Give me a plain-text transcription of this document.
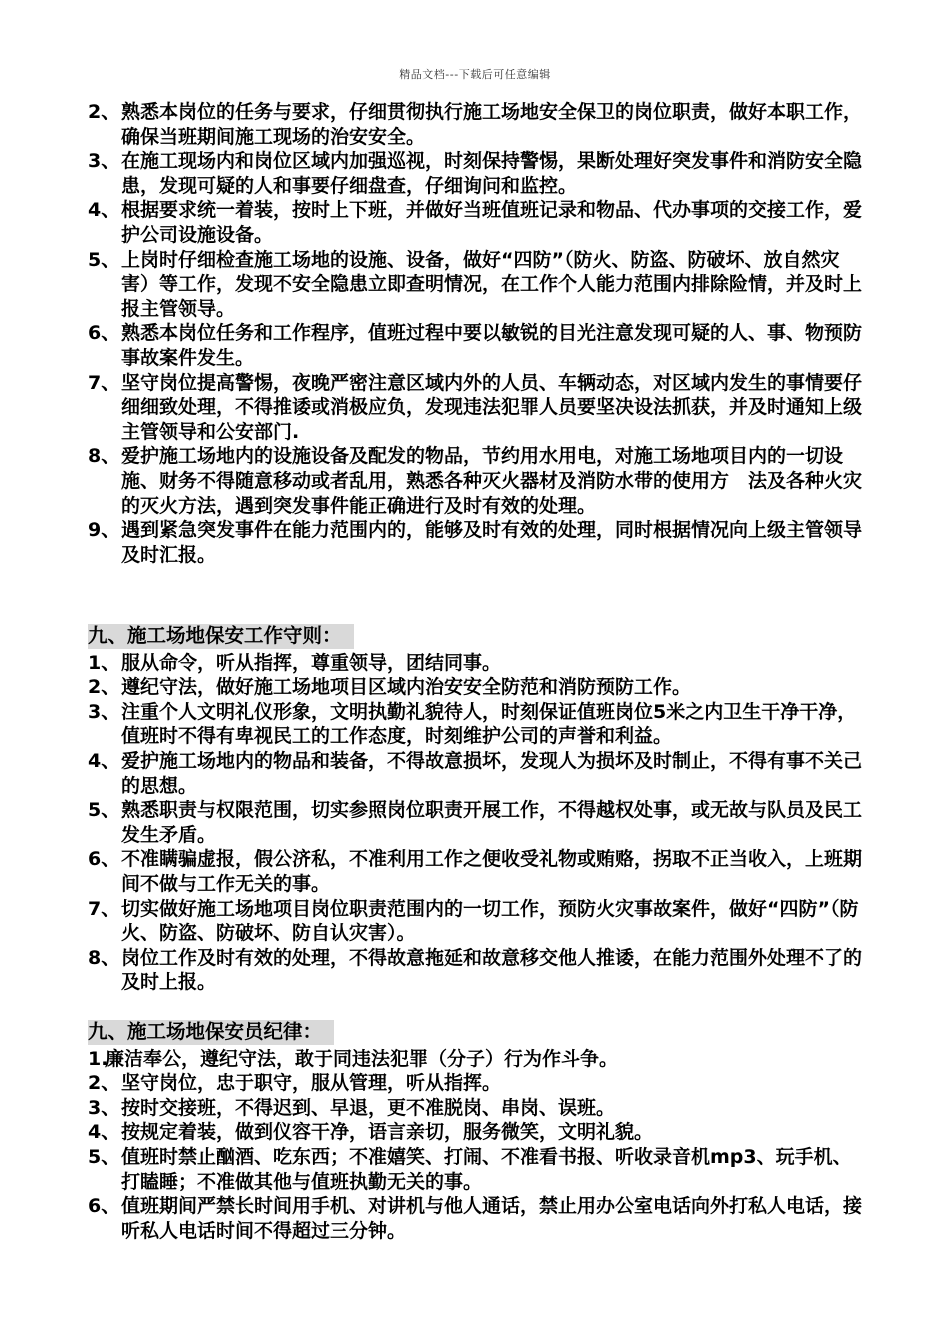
精品文档---下载后可任意编辑
2、 熟悉本岗位的任务与要求，仔细贯彻执行施工场地安全保卫的岗位职责，做好本职工作，确保当班期间施工现场的治安安全。
3、 在施工现场内和岗位区域内加强巡视，时刻保持警惕，果断处理好突发事件和消防安全隐患，发现可疑的人和事要仔细盘查，仔细询问和监控。
4、 根据要求统一着装，按时上下班，并做好当班值班记录和物品、代办事项的交接工作，爱护公司设施设备。
5、 上岗时仔细检查施工场地的设施、设备，做好“四防”（防火、防盗、防破坏、放自然灾害）等工作，发现不安全隐患立即查明情况，在工作个人能力范围内排除险情，并及时上报主管领导。
6、 熟悉本岗位任务和工作程序，值班过程中要以敏锐的目光注意发现可疑的人、事、物预防事故案件发生。
7、 坚守岗位提高警惕，夜晚严密注意区域内外的人员、车辆动态，对区域内发生的事情要仔细细致处理，不得推诿或消极应负，发现违法犯罪人员要坚决设法抓获，并及时通知上级主管领导和公安部门.
8、 爱护施工场地内的设施设备及配发的物品，节约用水用电，对施工场地项目内的一切设施、财务不得随意移动或者乱用，熟悉各种灭火器材及消防水带的使用方　法及各种火灾的灭火方法，遇到突发事件能正确进行及时有效的处理。
9、 遇到紧急突发事件在能力范围内的，能够及时有效的处理，同时根据情况向上级主管领导及时汇报。
九、施工场地保安工作守则：
1、 服从命令，听从指挥，尊重领导，团结同事。
2、 遵纪守法，做好施工场地项目区域内治安安全防范和消防预防工作。
3、 注重个人文明礼仪形象，文明执勤礼貌待人，时刻保证值班岗位5米之内卫生干净干净，值班时不得有卑视民工的工作态度，时刻维护公司的声誉和利益。
4、 爱护施工场地内的物品和装备，不得故意损坏，发现人为损坏及时制止，不得有事不关己的思想。
5、 熟悉职责与权限范围，切实参照岗位职责开展工作，不得越权处事，或无故与队员及民工发生矛盾。
6、 不准瞒骗虚报，假公济私，不准利用工作之便收受礼物或贿赂，拐取不正当收入，上班期间不做与工作无关的事。
7、 切实做好施工场地项目岗位职责范围内的一切工作，预防火灾事故案件，做好“四防”（防火、防盗、防破坏、防自认灾害）。
8、 岗位工作及时有效的处理，不得故意拖延和故意移交他人推诿，在能力范围外处理不了的及时上报。
九、施工场地保安员纪律：
1.
廉洁奉公，遵纪守法，敢于同违法犯罪（分子）行为作斗争。
2、 坚守岗位，忠于职守，服从管理，听从指挥。
3、 按时交接班，不得迟到、早退，更不准脱岗、串岗、误班。
4、 按规定着装，做到仪容干净，语言亲切，服务微笑，文明礼貌。
5、 值班时禁止酗酒、吃东西；不准嬉笑、打闹、不准看书报、听收录音机mp3、玩手机、打瞌睡；不准做其他与值班执勤无关的事。
6、 值班期间严禁长时间用手机、对讲机与他人通话，禁止用办公室电话向外打私人电话，接听私人电话时间不得超过三分钟。
